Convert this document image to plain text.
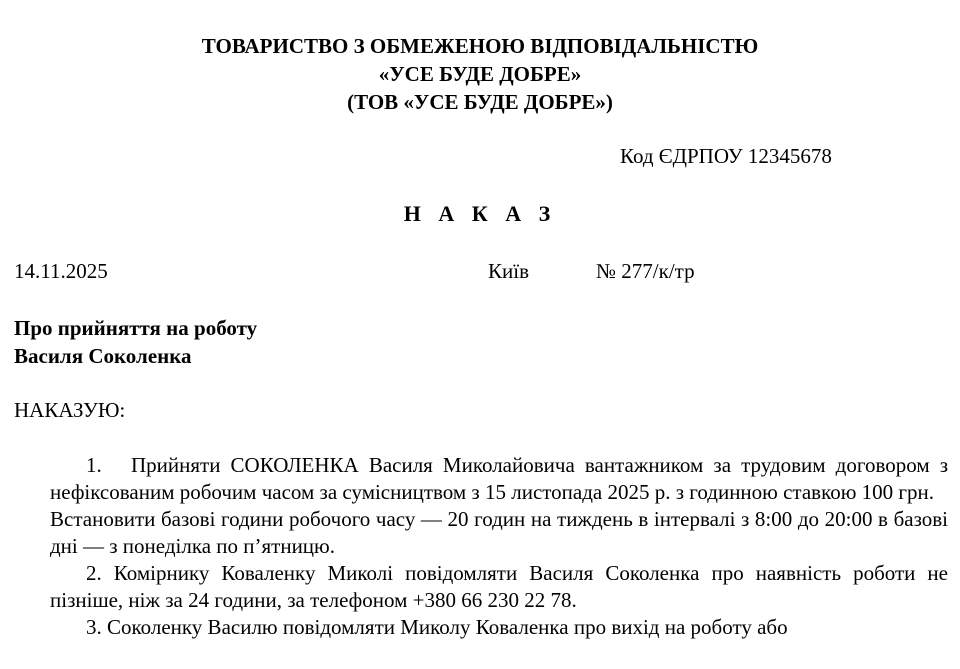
ТОВАРИСТВО З ОБМЕЖЕНОЮ ВІДПОВІДАЛЬНІСТЮ
«УСЕ БУДЕ ДОБРЕ»
(ТОВ «УСЕ БУДЕ ДОБРЕ»)
Код ЄДРПОУ 12345678
Н А К А З
14.11.2025	Київ	№ 277/к/тр
Про прийняття на роботу
Василя Соколенка
НАКАЗУЮ:

1. Прийняти СОКОЛЕНКА Василя Миколайовича вантажником за трудовим договором з нефіксованим робочим часом за сумісництвом з 15 листопада 2025 р. з годинною ставкою 100 грн.

Встановити базові години робочого часу — 20 годин на тиждень в інтервалі з 8:00 до 20:00 в базові дні — з понеділка по п’ятницю.

2. Комірнику Коваленку Миколі повідомляти Василя Соколенка про наявність роботи не пізніше, ніж за 24 години, за телефоном +380 66 230 22 78.

3. Соколенку Василю повідомляти Миколу Коваленка про вихід на роботу або
